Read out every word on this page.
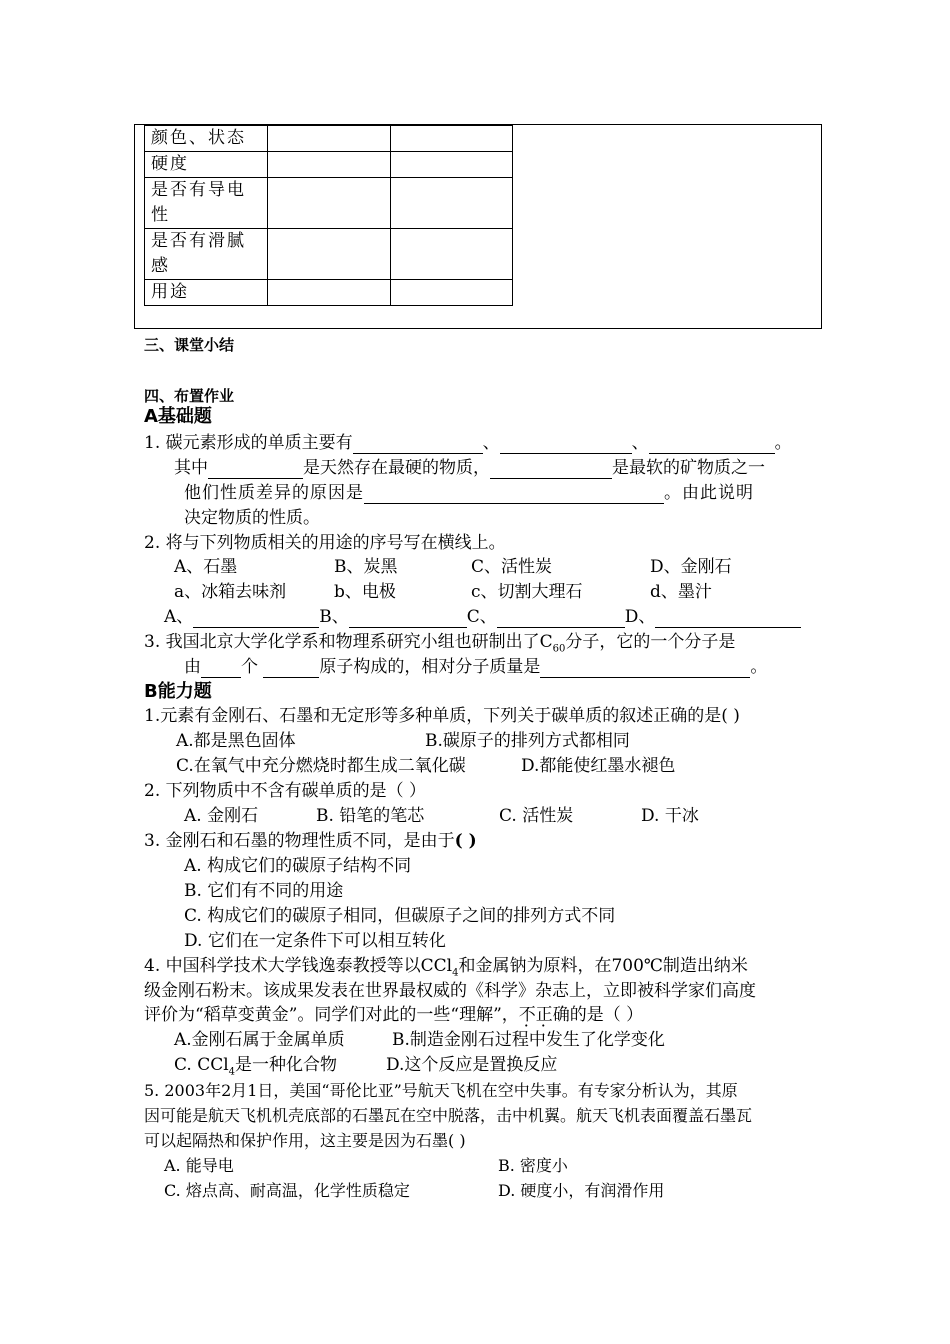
颜色、状态		
硬度		
是否有导电性		
是否有滑腻感		
用途		
三、课堂小结
四、布置作业
A基础题
1. 碳元素形成的单质主要有	、	、	。
其中	是天然存在最硬的物质，	是最软的矿物质之一
他们性质差异的原因是	。由此说明
决定物质的性质。
2. 将与下列物质相关的用途的序号写在横线上。
A、石墨	B、炭黑	C、活性炭	D、金刚石
a、冰箱去味剂	b、电极	c、切割大理石	d、墨汁
A、	B、	C、	D、
3. 我国北京大学化学系和物理系研究小组也研制出了$C_{60}$分子，它的一个分子是
由 个	原子构成的，相对分子质量是	。
B能力题
1.元素有金刚石、石墨和无定形等多种单质，下列关于碳单质的叙述正确的是( )
A.都是黑色固体	B.碳原子的排列方式都相同
C.在氧气中充分燃烧时都生成二氧化碳	D.都能使红墨水褪色
2. 下列物质中不含有碳单质的是（ ）
A. 金刚石	B. 铅笔的笔芯	C. 活性炭	D. 干冰
3. 金刚石和石墨的物理性质不同，是由于( )
A. 构成它们的碳原子结构不同
B. 它们有不同的用途
C. 构成它们的碳原子相同，但碳原子之间的排列方式不同
D. 它们在一定条件下可以相互转化
4. 中国科学技术大学钱逸泰教授等以CCl$_4$和金属钠为原料，在700℃制造出纳米
级金刚石粉末。该成果发表在世界最权威的《科学》杂志上，立即被科学家们高度
评价为“稻草变黄金”。同学们对此的一些“理解”，不正确的是（ ）
A.金刚石属于金属单质	B.制造金刚石过程中发生了化学变化
C. CCl$_4$是一种化合物	D.这个反应是置换反应
5. 2003年2月1日，美国“哥伦比亚”号航天飞机在空中失事。有专家分析认为，其原
因可能是航天飞机机壳底部的石墨瓦在空中脱落，击中机翼。航天飞机表面覆盖石墨瓦
可以起隔热和保护作用，这主要是因为石墨( )
A. 能导电	B. 密度小
C. 熔点高、耐高温，化学性质稳定	D. 硬度小，有润滑作用
